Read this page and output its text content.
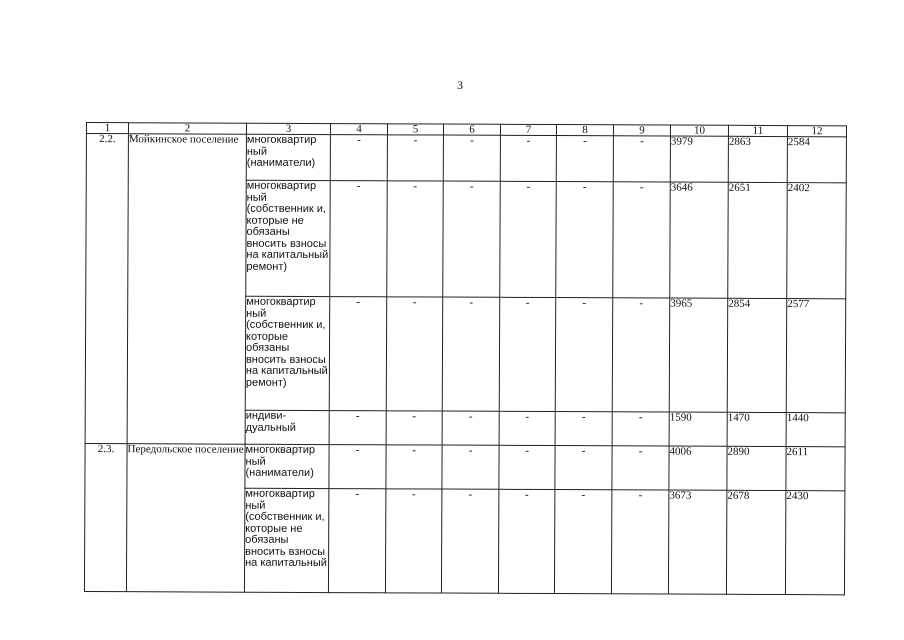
3
1	2	3	4	5	6	7	8	9	10	11	12
2.2.	Мойкинское поселение	многоквартир ный (нaниматели)	-	-	-	-	-	-	3979	2863	2584
		многоквартир ный (собственник и, которые не обязаны вносить взносы на капитальный ремонт)	-	-	-	-	-	-	3646	2651	2402
		многоквартир ный (собственник и, которые обязаны вносить взносы на капитальный ремонт)	-	-	-	-	-	-	3965	2854	2577
		индиви- дуальный	-	-	-	-	-	-	1590	1470	1440
2.3.	Передольское поселение	многоквартир ный (нaниматели)	-	-	-	-	-	-	4006	2890	2611
		многоквартир ный (собственник и, которые не обязаны вносить взносы на капитальный	-	-	-	-	-	-	3673	2678	2430
